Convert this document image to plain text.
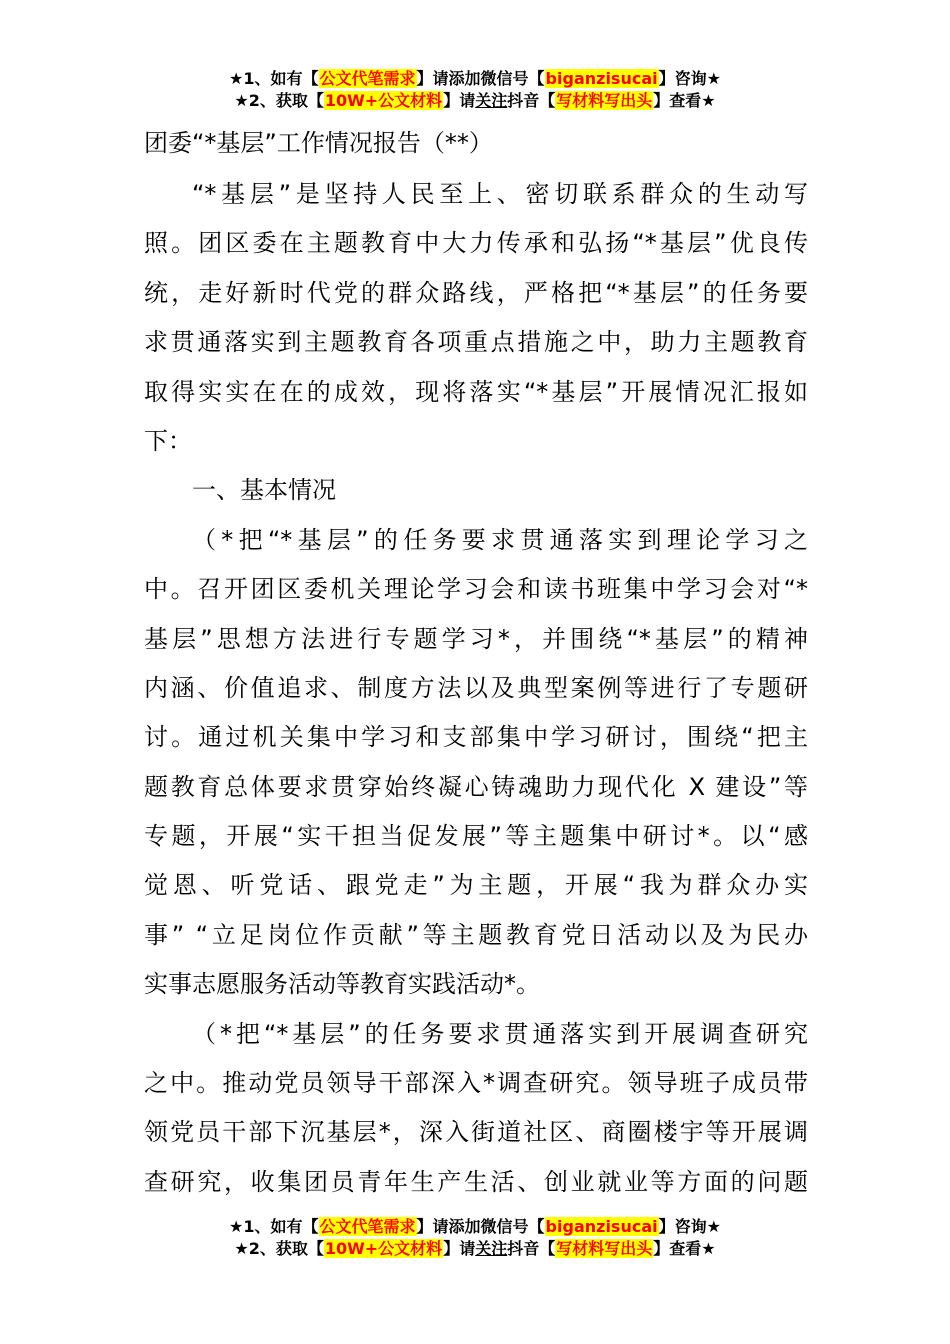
★1、如有【公文代笔需求】请添加微信号【biganzisucai】咨询★
★2、获取【10W+公文材料】请关注抖音【写材料写出头】查看★
团委“*基层”工作情况报告（**）
“*基层”是坚持人民至上、密切联系群众的生动写
照。团区委在主题教育中大力传承和弘扬“*基层”优良传
统，走好新时代党的群众路线，严格把“*基层”的任务要
求贯通落实到主题教育各项重点措施之中，助力主题教育
取得实实在在的成效，现将落实“*基层”开展情况汇报如
下：
一、基本情况
（*把“*基层”的任务要求贯通落实到理论学习之
中。召开团区委机关理论学习会和读书班集中学习会对“*
基层”思想方法进行专题学习*，并围绕“*基层”的精神
内涵、价值追求、制度方法以及典型案例等进行了专题研
讨。通过机关集中学习和支部集中学习研讨，围绕“把主
题教育总体要求贯穿始终凝心铸魂助力现代化 X 建设”等
专题，开展“实干担当促发展”等主题集中研讨*。以“感
觉恩、听党话、跟党走”为主题，开展“我为群众办实
事” “立足岗位作贡献”等主题教育党日活动以及为民办
实事志愿服务活动等教育实践活动*。
（*把“*基层”的任务要求贯通落实到开展调查研究
之中。推动党员领导干部深入*调查研究。领导班子成员带
领党员干部下沉基层*，深入街道社区、商圈楼宇等开展调
查研究，收集团员青年生产生活、创业就业等方面的问题
★1、如有【公文代笔需求】请添加微信号【biganzisucai】咨询★
★2、获取【10W+公文材料】请关注抖音【写材料写出头】查看★
